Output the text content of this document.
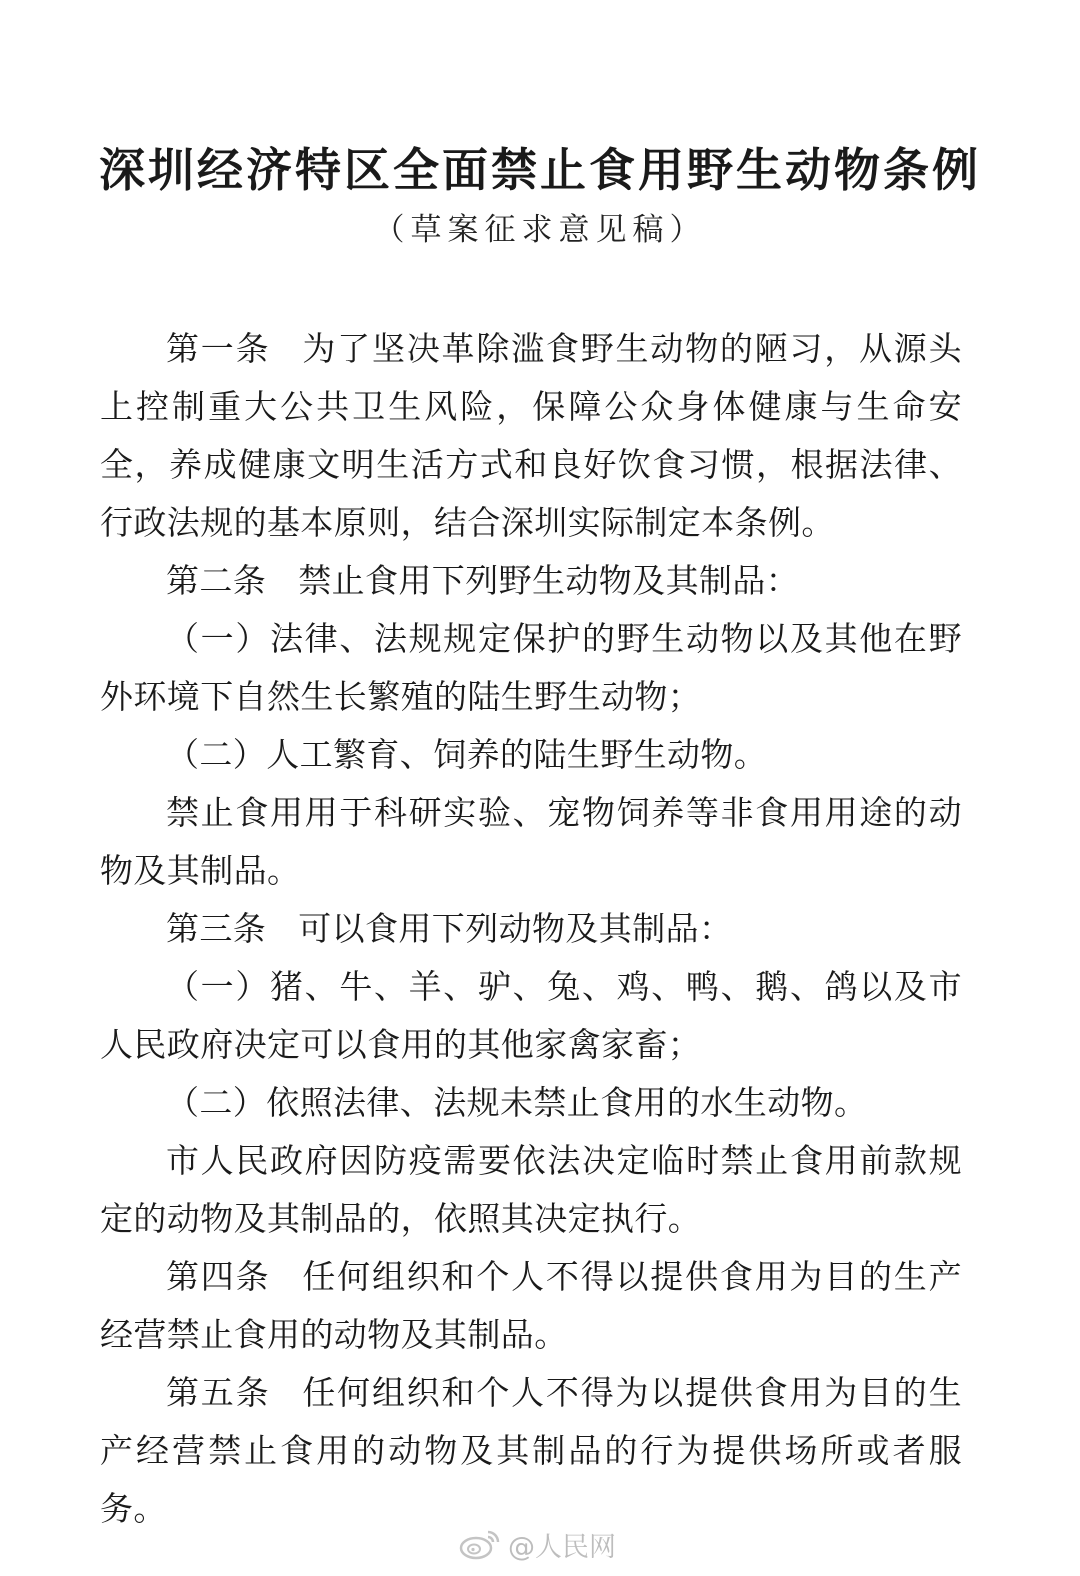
深圳经济特区全面禁止食用野生动物条例
（草案征求意见稿）

第一条 为了坚决革除滥食野生动物的陋习，从源头上控制重大公共卫生风险，保障公众身体健康与生命安全，养成健康文明生活方式和良好饮食习惯，根据法律、行政法规的基本原则，结合深圳实际制定本条例。

第二条 禁止食用下列野生动物及其制品：

（一）法律、法规规定保护的野生动物以及其他在野外环境下自然生长繁殖的陆生野生动物；

（二）人工繁育、饲养的陆生野生动物。

禁止食用用于科研实验、宠物饲养等非食用用途的动物及其制品。

第三条 可以食用下列动物及其制品：

（一）猪、牛、羊、驴、兔、鸡、鸭、鹅、鸽以及市人民政府决定可以食用的其他家禽家畜；

（二）依照法律、法规未禁止食用的水生动物。

市人民政府因防疫需要依法决定临时禁止食用前款规定的动物及其制品的，依照其决定执行。

第四条 任何组织和个人不得以提供食用为目的生产经营禁止食用的动物及其制品。

第五条 任何组织和个人不得为以提供食用为目的生产经营禁止食用的动物及其制品的行为提供场所或者服务。

@人民网
